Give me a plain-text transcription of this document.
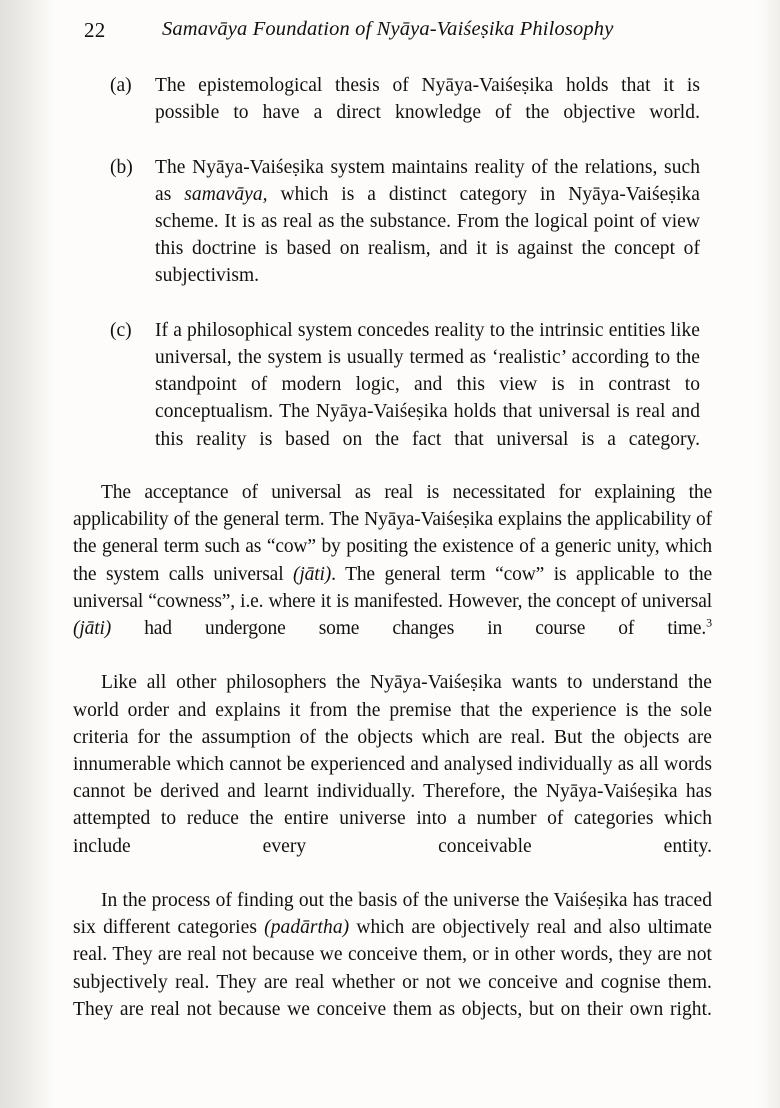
22	Samavāya Foundation of Nyāya-Vaiśeṣika Philosophy
(a) The epistemological thesis of Nyāya-Vaiśeṣika holds that it is possible to have a direct knowledge of the objective world.
(b) The Nyāya-Vaiśeṣika system maintains reality of the relations, such as samavāya, which is a distinct category in Nyāya-Vaiśeṣika scheme. It is as real as the substance. From the logical point of view this doctrine is based on realism, and it is against the concept of subjectivism.
(c) If a philosophical system concedes reality to the intrinsic entities like universal, the system is usually termed as ‘realistic’ according to the standpoint of modern logic, and this view is in contrast to conceptualism. The Nyāya-Vaiśeṣika holds that universal is real and this reality is based on the fact that universal is a category.

The acceptance of universal as real is necessitated for explaining the applicability of the general term. The Nyāya-Vaiśeṣika explains the applicability of the general term such as “cow” by positing the existence of a generic unity, which the system calls universal (jāti). The general term “cow” is applicable to the universal “cowness”, i.e. where it is manifested. However, the concept of universal (jāti) had undergone some changes in course of time.$^3$

Like all other philosophers the Nyāya-Vaiśeṣika wants to understand the world order and explains it from the premise that the experience is the sole criteria for the assumption of the objects which are real. But the objects are innumerable which cannot be experienced and analysed individually as all words cannot be derived and learnt individually. Therefore, the Nyāya-Vaiśeṣika has attempted to reduce the entire universe into a number of categories which include every conceivable entity.

In the process of finding out the basis of the universe the Vaiśeṣika has traced six different categories (padārtha) which are objectively real and also ultimate real. They are real not because we conceive them, or in other words, they are not subjectively real. They are real whether or not we conceive and cognise them. They are real not because we conceive them as objects, but on their own right.
